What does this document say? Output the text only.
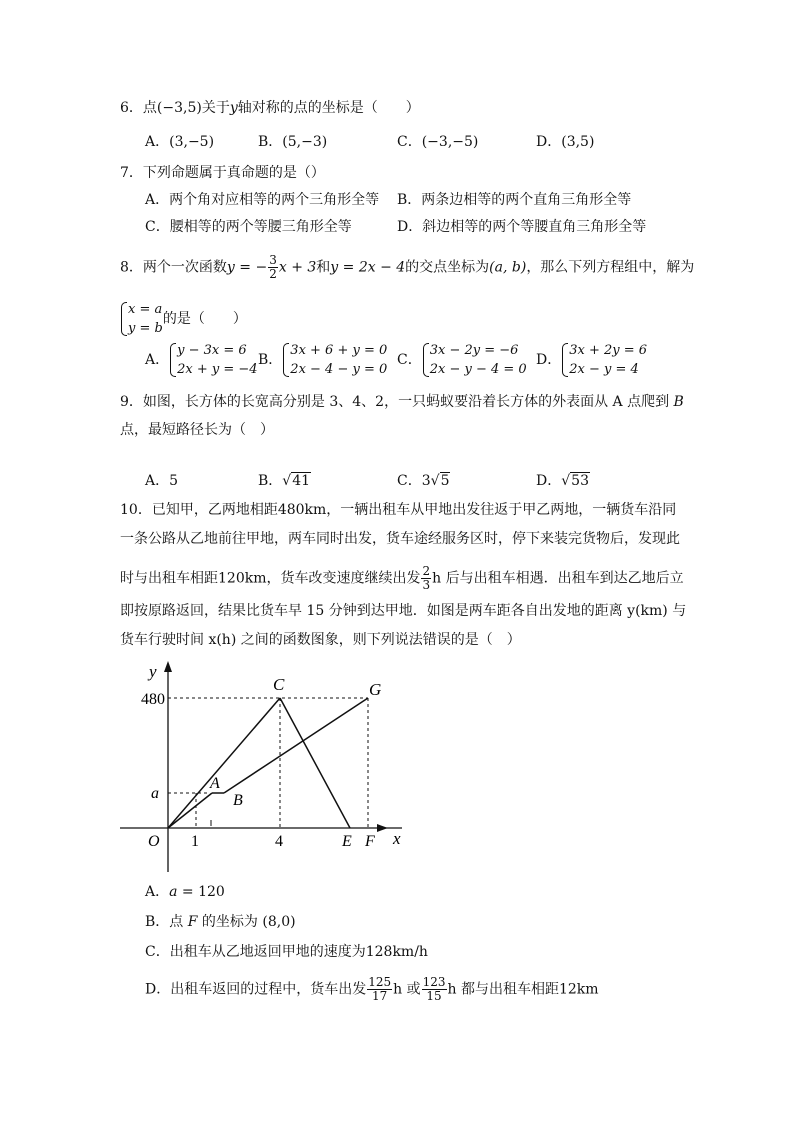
6．点(−3,5)关于y轴对称的点的坐标是（　　）
A．(3,−5)	B．(5,−3)	C．(−3,−5)	D．(3,5)
7．下列命题属于真命题的是（）
A．两个角对应相等的两个三角形全等 B．两条边相等的两个直角三角形全等
C．腰相等的两个等腰三角形全等	D．斜边相等的两个等腰直角三角形全等
8．两个一次函数y = − $\frac{3}{2}$ x + 3和y = 2x − 4的交点坐标为(a, b)，那么下列方程组中，解为
x = a
y = b
的是（　　）
A．
y − 3x = 6
2x + y = −4
B．
3x + 6 + y = 0
2x − 4 − y = 0
C．
3x − 2y = −6
2x − y − 4 = 0
D．
3x + 2y = 6
2x − y = 4
9．如图，长方体的长宽高分别是 3、4、2，一只蚂蚁要沿着长方体的外表面从 A 点爬到 B
点，最短路径长为（　）
A．5	B．√41	C．3√5	D．√53
10．已知甲，乙两地相距480km，一辆出租车从甲地出发往返于甲乙两地，一辆货车沿同
一条公路从乙地前往甲地，两车同时出发，货车途经服务区时，停下来装完货物后，发现此
时与出租车相距120km，货车改变速度继续出发 $\frac{2}{3}$ h 后与出租车相遇．出租车到达乙地后立
即按原路返回，结果比货车早 15 分钟到达甲地．如图是两车距各自出发地的距离 y(km) 与
货车行驶时间 x(h) 之间的函数图象，则下列说法错误的是（　）
y
x
480
a
O 1	4
C	G
A
B
E F
A．a = 120
B．点 F 的坐标为 (8,0)
C．出租车从乙地返回甲地的速度为128km/h
D．出租车返回的过程中，货车出发 $\frac{125}{17}$ h 或 $\frac{123}{15}$ h 都与出租车相距12km
